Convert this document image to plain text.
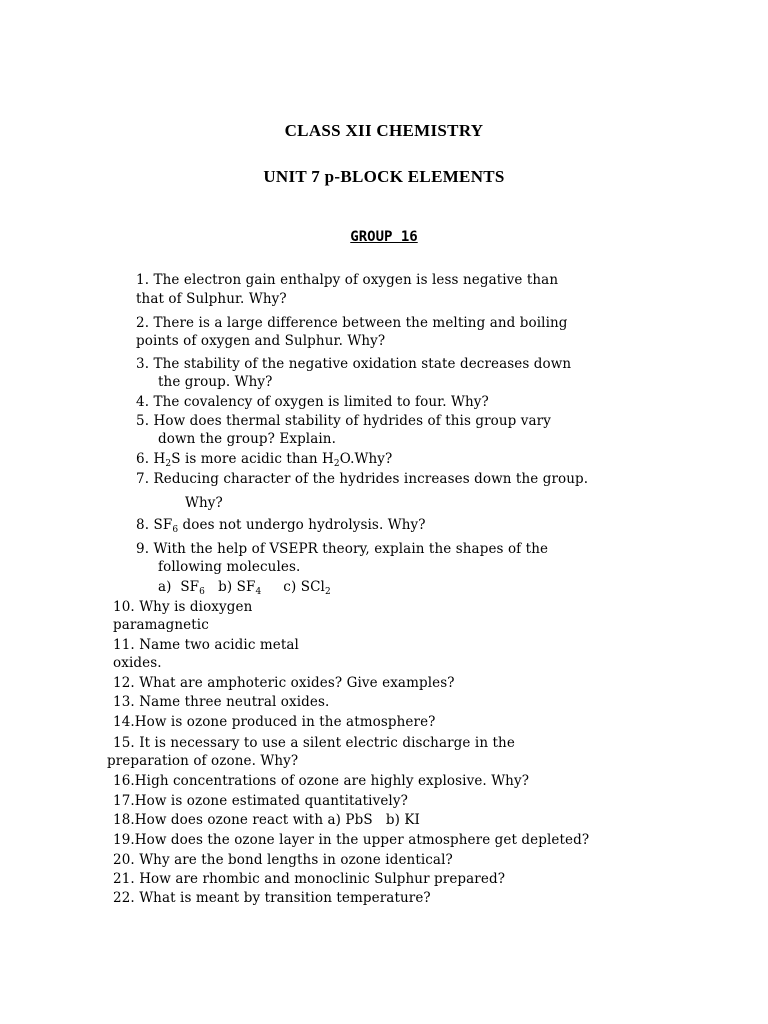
CLASS XII CHEMISTRY
UNIT 7 p-BLOCK ELEMENTS
GROUP 16
1. The electron gain enthalpy of oxygen is less negative than
that of Sulphur. Why?
2. There is a large difference between the melting and boiling
points of oxygen and Sulphur. Why?
3. The stability of the negative oxidation state decreases down
the group. Why?
4. The covalency of oxygen is limited to four. Why?
5. How does thermal stability of hydrides of this group vary
down the group? Explain.
6. $H_2S$ is more acidic than $H_2O.Why$?
7. Reducing character of the hydrides increases down the group.
Why?
8. $SF_6$ does not undergo hydrolysis. Why?
9. With the help of VSEPR theory, explain the shapes of the
following molecules.
a) $SF_6$ b) $SF_4$ c) SCl$_2$
10. Why is dioxygen
paramagnetic
11. Name two acidic metal
oxides.
12. What are amphoteric oxides? Give examples?
13. Name three neutral oxides.
14.How is ozone produced in the atmosphere?
15. It is necessary to use a silent electric discharge in the
preparation of ozone. Why?
16.High concentrations of ozone are highly explosive. Why?
17.How is ozone estimated quantitatively?
18.How does ozone react with a) PbS   b) KI
19.How does the ozone layer in the upper atmosphere get depleted?
20. Why are the bond lengths in ozone identical?
21. How are rhombic and monoclinic Sulphur prepared?
22. What is meant by transition temperature?
